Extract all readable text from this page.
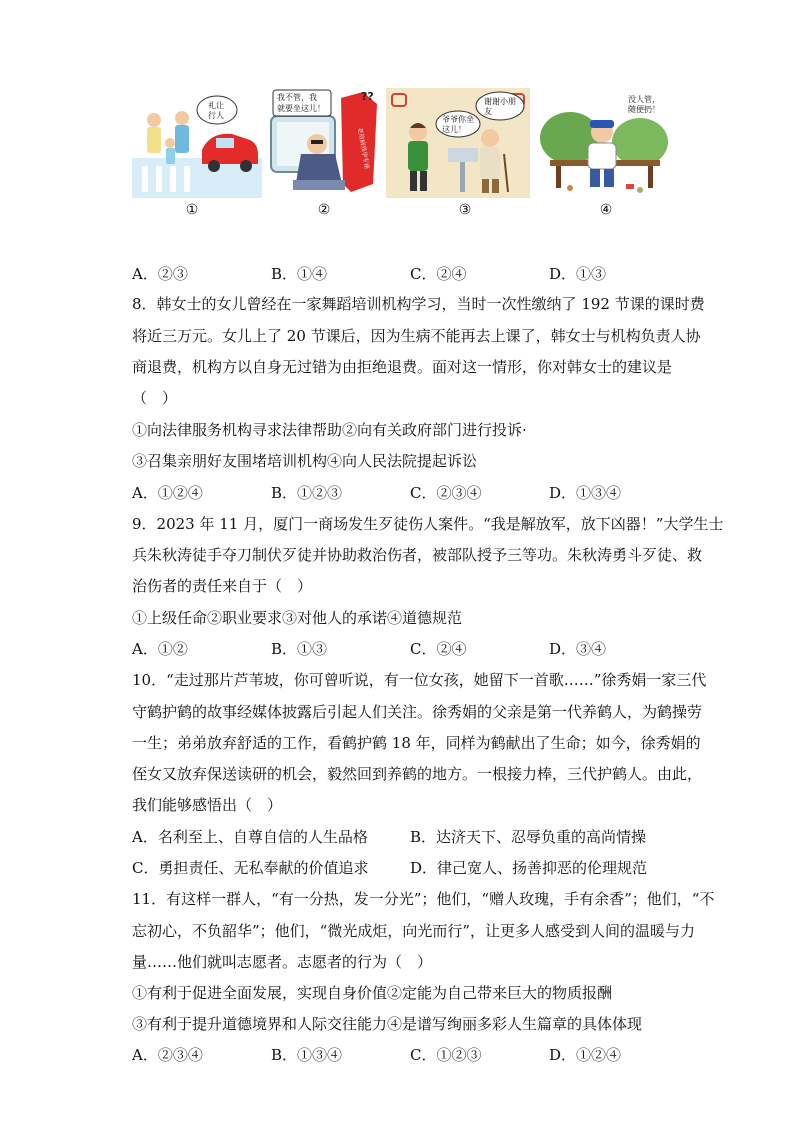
礼让
行人
①
老幼病残孕专座
我不管，我
就要坐这儿！
??
②
谢谢小朋
友
爷爷你坐
这儿！
③
没人管，
随便扔！
④
A．②③	B．①④	C．②④	D．①③
8．韩女士的女儿曾经在一家舞蹈培训机构学习，当时一次性缴纳了 192 节课的课时费
将近三万元。女儿上了 20 节课后，因为生病不能再去上课了，韩女士与机构负责人协
商退费，机构方以自身无过错为由拒绝退费。面对这一情形，你对韩女士的建议是
（　）
①向法律服务机构寻求法律帮助②向有关政府部门进行投诉·
③召集亲朋好友围堵培训机构④向人民法院提起诉讼
A．①②④	B．①②③	C．②③④	D．①③④
9．2023 年 11 月，厦门一商场发生歹徒伤人案件。“我是解放军，放下凶器！”大学生士
兵朱秋涛徒手夺刀制伏歹徒并协助救治伤者，被部队授予三等功。朱秋涛勇斗歹徒、救
治伤者的责任来自于（　）
①上级任命②职业要求③对他人的承诺④道德规范
A．①②	B．①③	C．②④	D．③④
10．“走过那片芦苇坡，你可曾听说，有一位女孩，她留下一首歌……”徐秀娟一家三代
守鹤护鹤的故事经媒体披露后引起人们关注。徐秀娟的父亲是第一代养鹤人，为鹤操劳
一生；弟弟放弃舒适的工作，看鹤护鹤 18 年，同样为鹤献出了生命；如今，徐秀娟的
侄女又放弃保送读研的机会，毅然回到养鹤的地方。一根接力棒，三代护鹤人。由此，
我们能够感悟出（　）
A．名利至上、自尊自信的人生品格	B．达济天下、忍辱负重的高尚情操
C．勇担责任、无私奉献的价值追求	D．律己宽人、扬善抑恶的伦理规范
11．有这样一群人，“有一分热，发一分光”；他们，“赠人玫瑰，手有余香”；他们，“不
忘初心，不负韶华”；他们，“微光成炬，向光而行”，让更多人感受到人间的温暖与力
量……他们就叫志愿者。志愿者的行为（　）
①有利于促进全面发展，实现自身价值②定能为自己带来巨大的物质报酬
③有利于提升道德境界和人际交往能力④是谱写绚丽多彩人生篇章的具体体现
A．②③④	B．①③④	C．①②③	D．①②④
